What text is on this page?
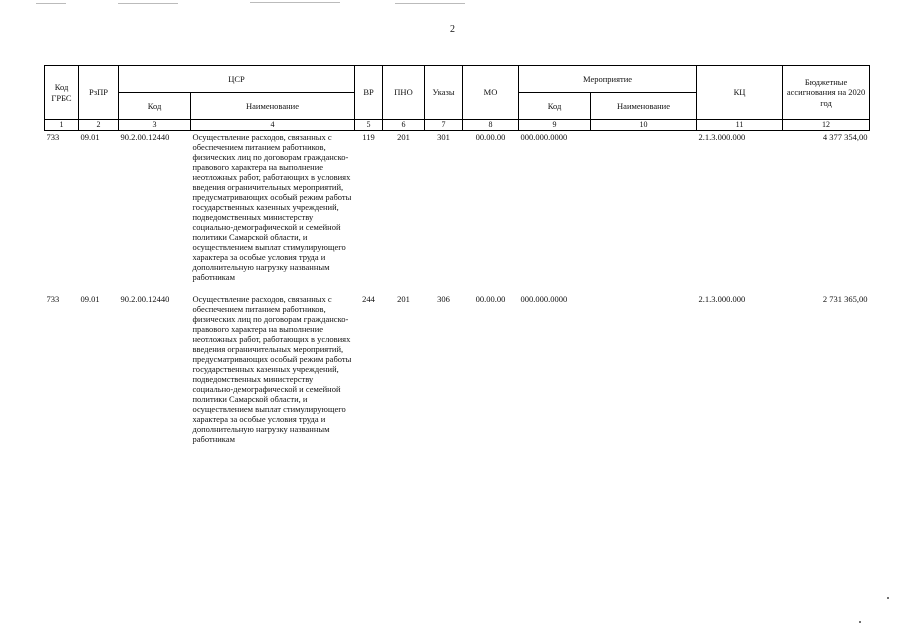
2
Код ГРБС	РзПР	ЦСР		ВР	ПНО	Указы	МО	Мероприятие		КЦ	Бюджетные ассигнования на 2020 год
		Код	Наименование					Код	Наименование		
1	2	3	4	5	6	7	8	9	10	11	12
733	09.01	90.2.00.12440	Осуществление расходов, связанных с обеспечением питанием работников, физических лиц по договорам гражданско-правового характера на выполнение неотложных работ, работающих в условиях введения ограничительных мероприятий, предусматривающих особый режим работы государственных казенных учреждений, подведомственных министерству социально-демографической и семейной политики Самарской области, и осуществлением выплат стимулирующего характера за особые условия труда и дополнительную нагрузку названным работникам	119	201	301	00.00.00	000.000.0000		2.1.3.000.000	4 377 354,00

733	09.01	90.2.00.12440	Осуществление расходов, связанных с обеспечением питанием работников, физических лиц по договорам гражданско-правового характера на выполнение неотложных работ, работающих в условиях введения ограничительных мероприятий, предусматривающих особый режим работы государственных казенных учреждений, подведомственных министерству социально-демографической и семейной политики Самарской области, и осуществлением выплат стимулирующего характера за особые условия труда и дополнительную нагрузку названным работникам	244	201	306	00.00.00	000.000.0000		2.1.3.000.000	2 731 365,00
